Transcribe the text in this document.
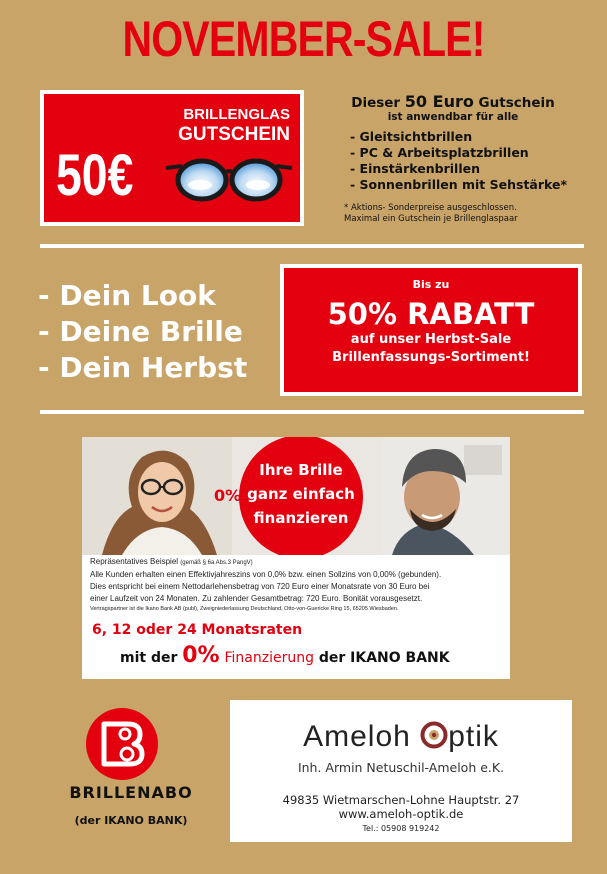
NOVEMBER-SALE!
BRILLENGLAS
GUTSCHEIN
50€
Dieser 50 Euro Gutschein
ist anwendbar für alle
- Gleitsichtbrillen
- PC & Arbeitsplatzbrillen
- Einstärkenbrillen
- Sonnenbrillen mit Sehstärke*
* Aktions- Sonderpreise ausgeschlossen.
Maximal ein Gutschein je Brillenglaspaar
- Dein Look
- Deine Brille
- Dein Herbst
Bis zu
50% RABATT
auf unser Herbst-Sale
Brillenfassungs-Sortiment!
0%
Ihre Brille
ganz einfach
finanzieren
Repräsentatives Beispiel (gemäß § 6a Abs.3 PangV)
Alle Kunden erhalten einen Effektivjahreszins von 0,0% bzw. einen Sollzins von 0,00% (gebunden).
Dies entspricht bei einem Nettodarlehensbetrag von 720 Euro einer Monatsrate von 30 Euro bei
einer Laufzeit von 24 Monaten. Zu zahlender Gesamtbetrag: 720 Euro. Bonität vorausgesetzt.
Vertragspartner ist die Ikano Bank AB (publ), Zweigniederlassung Deutschland, Otto-von-Guericke Ring 15, 65205 Wiesbaden.
6, 12 oder 24 Monatsraten
mit der 0% Finanzierung der IKANO BANK
BRILLENABO
(der IKANO BANK)
Ameloh ptik
Inh. Armin Netuschil-Ameloh e.K.
49835 Wietmarschen-Lohne Hauptstr. 27
www.ameloh-optik.de
Tel.: 05908 919242
